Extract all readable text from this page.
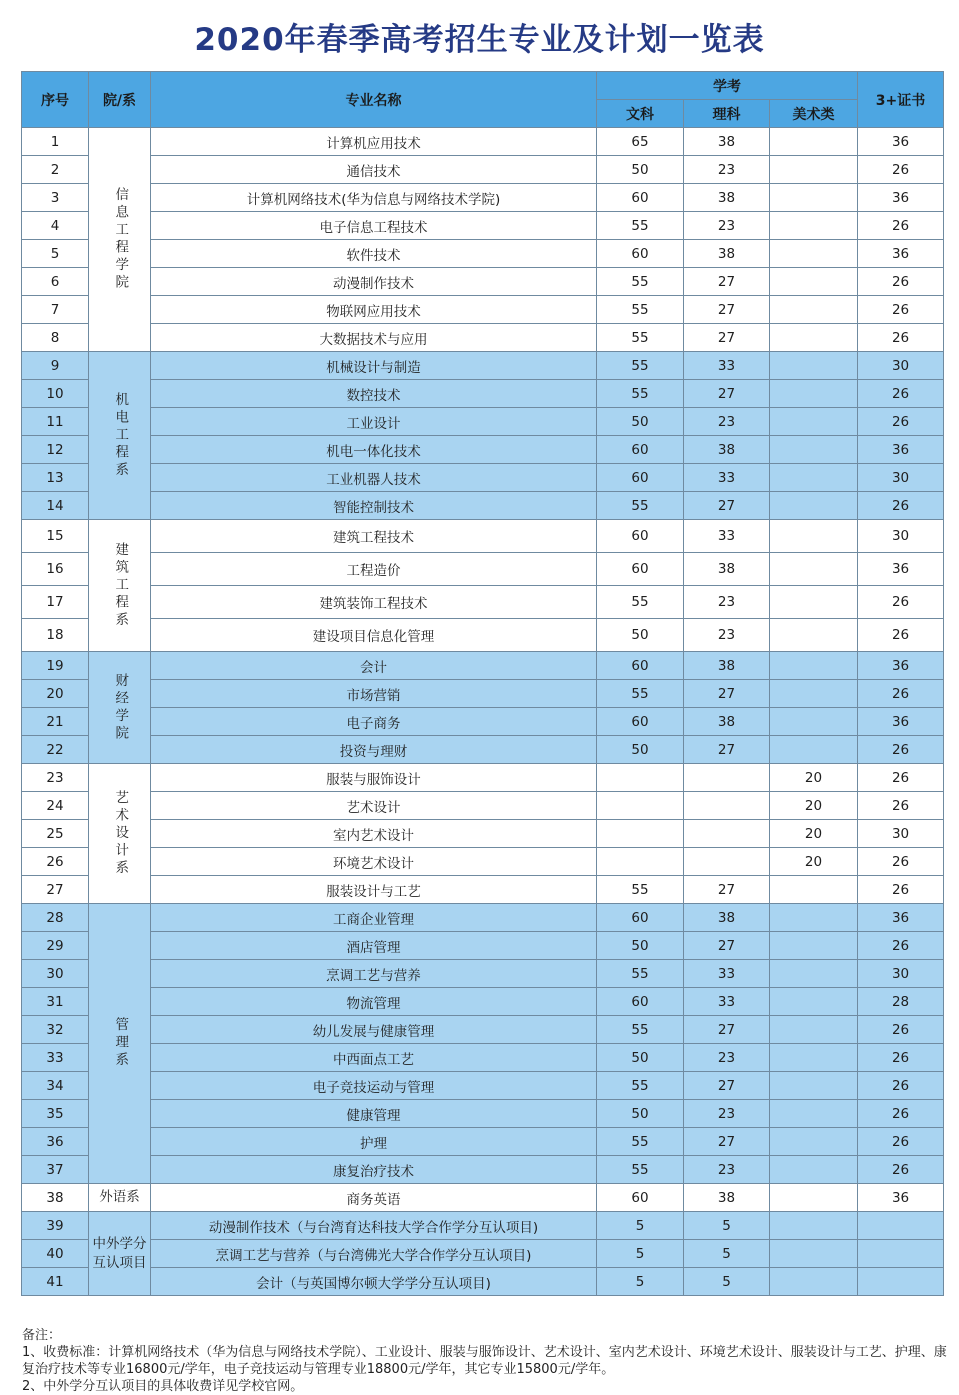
2020年春季高考招生专业及计划一览表
序号	院/系	专业名称	学考			3+证书
			文科	理科	美术类	
1	信息工程学院	计算机应用技术	65	38		36
2		通信技术	50	23		26
3		计算机网络技术(华为信息与网络技术学院)	60	38		36
4		电子信息工程技术	55	23		26
5		软件技术	60	38		36
6		动漫制作技术	55	27		26
7		物联网应用技术	55	27		26
8		大数据技术与应用	55	27		26
9	机电工程系	机械设计与制造	55	33		30
10		数控技术	55	27		26
11		工业设计	50	23		26
12		机电一体化技术	60	38		36
13		工业机器人技术	60	33		30
14		智能控制技术	55	27		26
15	建筑工程系	建筑工程技术	60	33		30
16		工程造价	60	38		36
17		建筑装饰工程技术	55	23		26
18		建设项目信息化管理	50	23		26
19	财经学院	会计	60	38		36
20		市场营销	55	27		26
21		电子商务	60	38		36
22		投资与理财	50	27		26
23	艺术设计系	服装与服饰设计			20	26
24		艺术设计			20	26
25		室内艺术设计			20	30
26		环境艺术设计			20	26
27		服装设计与工艺	55	27		26
28	管理系	工商企业管理	60	38		36
29		酒店管理	50	27		26
30		烹调工艺与营养	55	33		30
31		物流管理	60	33		28
32		幼儿发展与健康管理	55	27		26
33		中西面点工艺	50	23		26
34		电子竞技运动与管理	55	27		26
35		健康管理	50	23		26
36		护理	55	27		26
37		康复治疗技术	55	23		26
38	外语系	商务英语	60	38		36
39	中外学分互认项目	动漫制作技术（与台湾育达科技大学合作学分互认项目)	5	5		
40		烹调工艺与营养（与台湾佛光大学合作学分互认项目)	5	5		
41		会计（与英国博尔顿大学学分互认项目)	5	5		
备注：
1、收费标准：计算机网络技术（华为信息与网络技术学院）、工业设计、服装与服饰设计、艺术设计、室内艺术设计、环境艺术设计、服装设计与工艺、护理、康复治疗技术等专业16800元/学年，电子竞技运动与管理专业18800元/学年，其它专业15800元/学年。
2、中外学分互认项目的具体收费详见学校官网。
